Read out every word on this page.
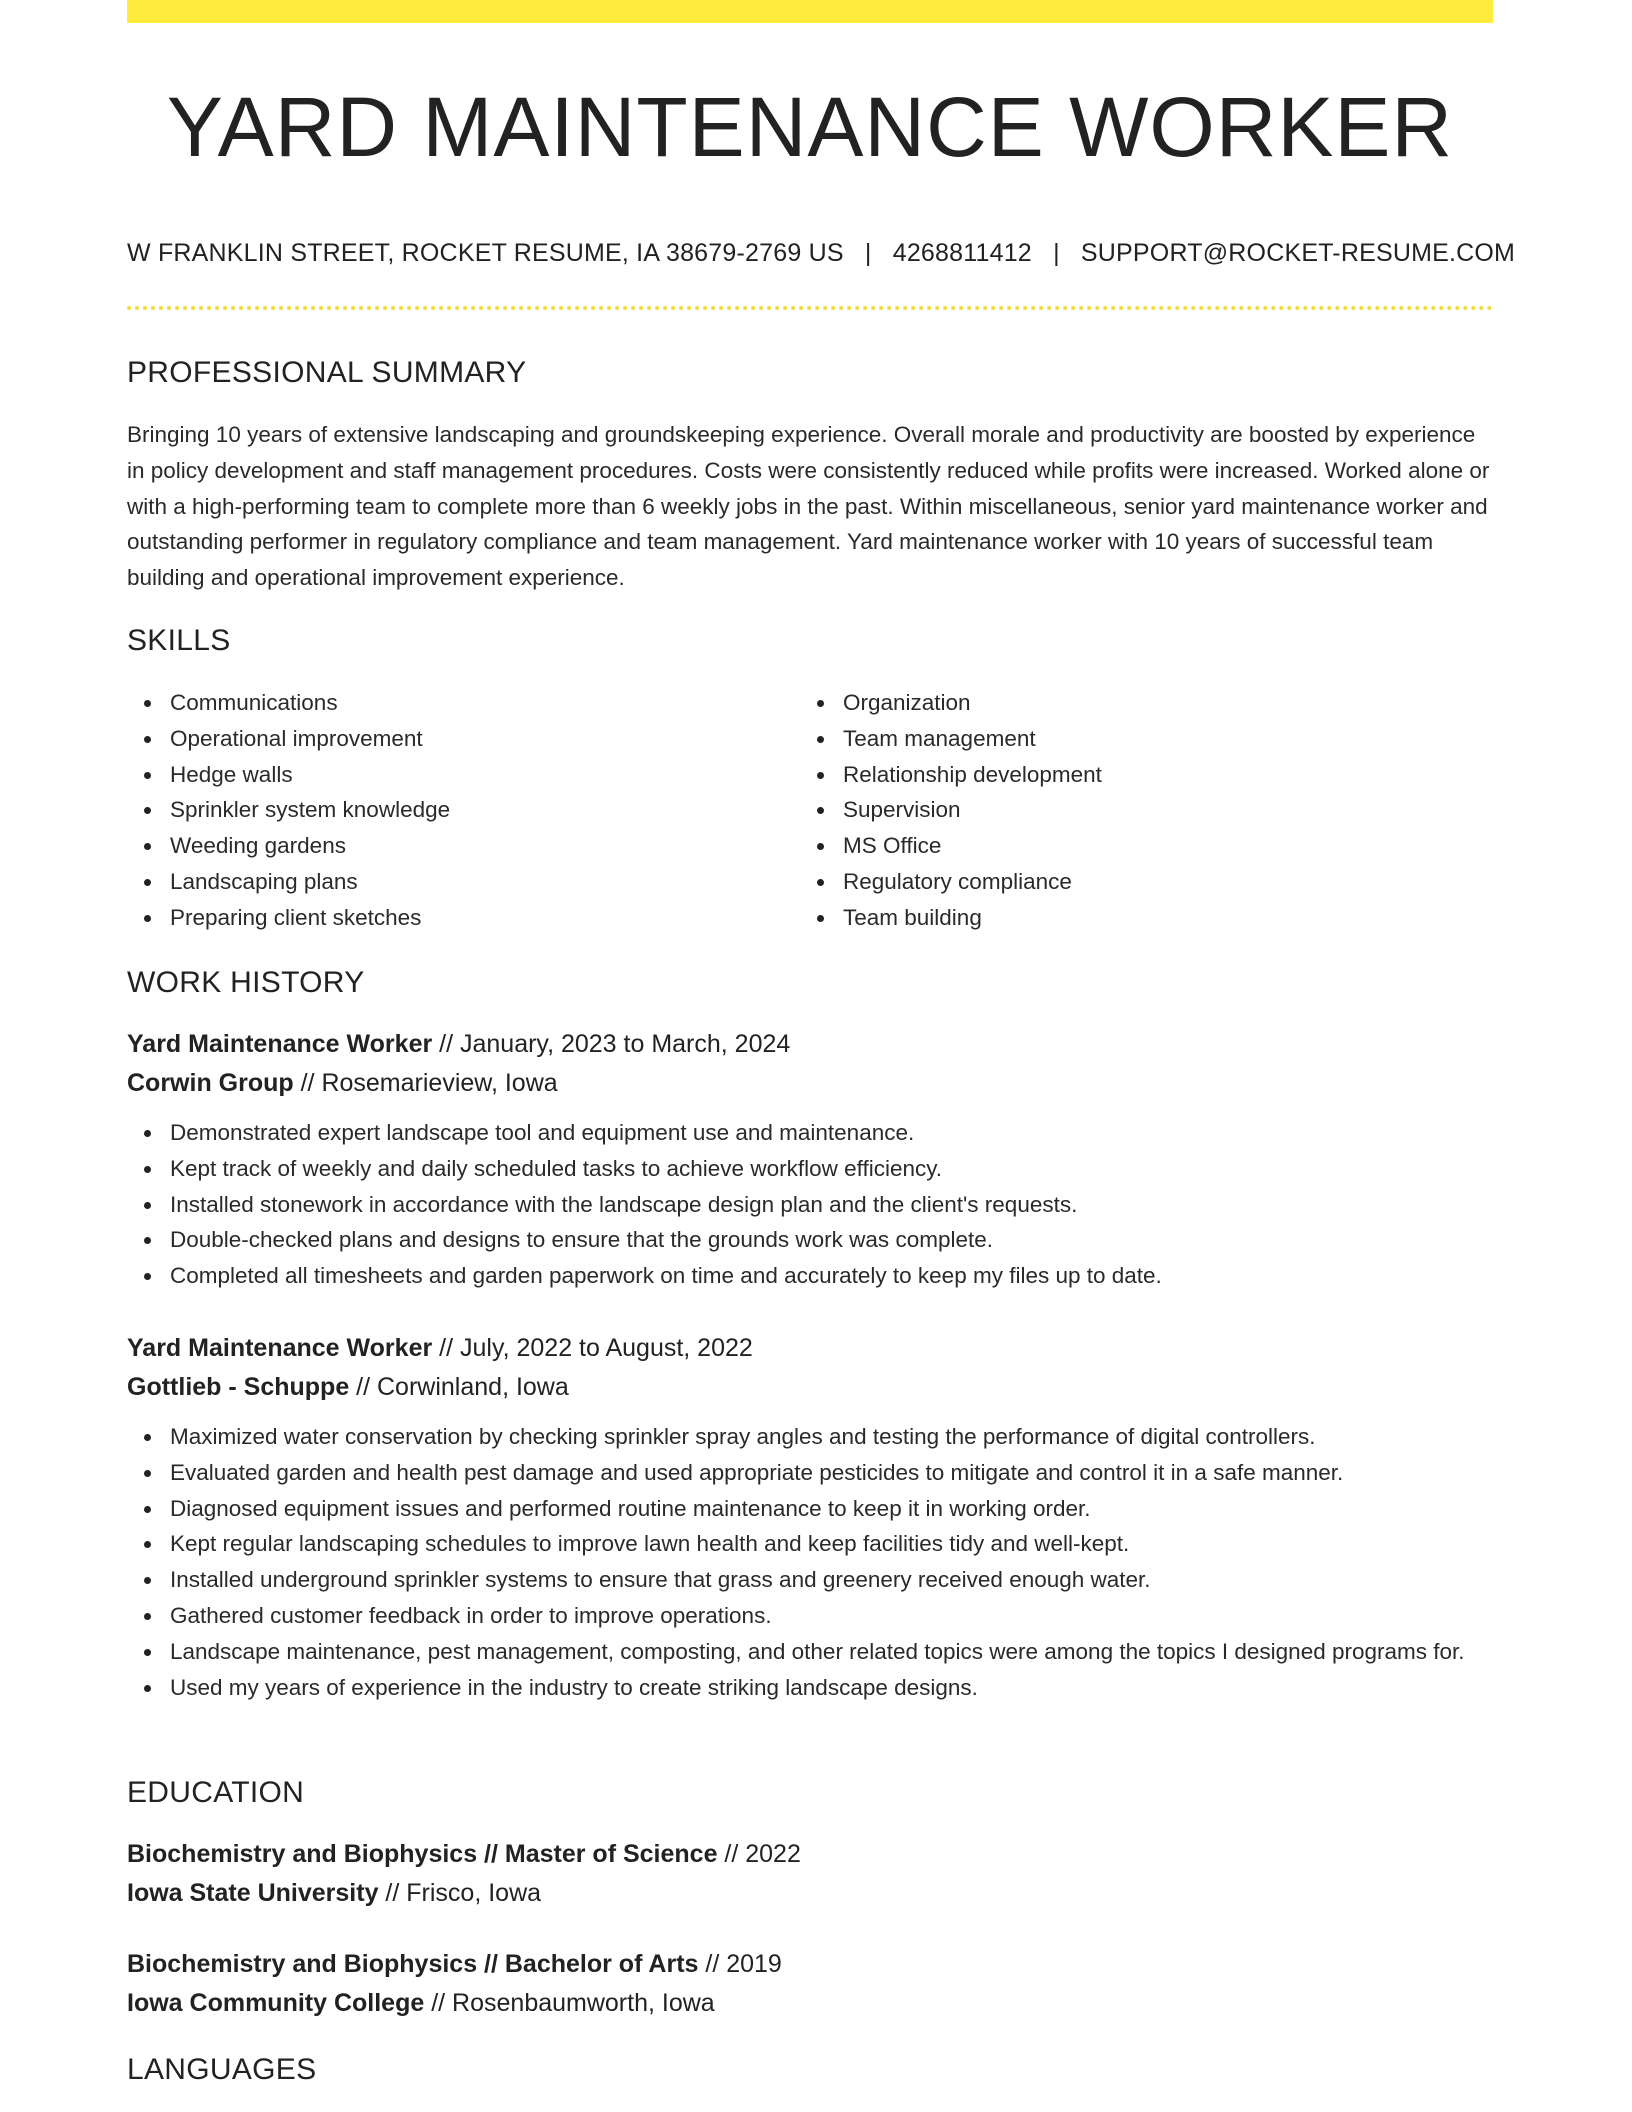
YARD MAINTENANCE WORKER
W FRANKLIN STREET, ROCKET RESUME, IA 38679-2769 US | 4268811412 | SUPPORT@ROCKET-RESUME.COM
PROFESSIONAL SUMMARY

Bringing 10 years of extensive landscaping and groundskeeping experience. Overall morale and productivity are boosted by experience in policy development and staff management procedures. Costs were consistently reduced while profits were increased. Worked alone or with a high-performing team to complete more than 6 weekly jobs in the past. Within miscellaneous, senior yard maintenance worker and outstanding performer in regulatory compliance and team management. Yard maintenance worker with 10 years of successful team building and operational improvement experience.

SKILLS
Communications
Operational improvement
Hedge walls
Sprinkler system knowledge
Weeding gardens
Landscaping plans
Preparing client sketches
Organization
Team management
Relationship development
Supervision
MS Office
Regulatory compliance
Team building
WORK HISTORY
Yard Maintenance Worker // January, 2023 to March, 2024
Corwin Group // Rosemarieview, Iowa
Demonstrated expert landscape tool and equipment use and maintenance.
Kept track of weekly and daily scheduled tasks to achieve workflow efficiency.
Installed stonework in accordance with the landscape design plan and the client's requests.
Double-checked plans and designs to ensure that the grounds work was complete.
Completed all timesheets and garden paperwork on time and accurately to keep my files up to date.
Yard Maintenance Worker // July, 2022 to August, 2022
Gottlieb - Schuppe // Corwinland, Iowa
Maximized water conservation by checking sprinkler spray angles and testing the performance of digital controllers.
Evaluated garden and health pest damage and used appropriate pesticides to mitigate and control it in a safe manner.
Diagnosed equipment issues and performed routine maintenance to keep it in working order.
Kept regular landscaping schedules to improve lawn health and keep facilities tidy and well-kept.
Installed underground sprinkler systems to ensure that grass and greenery received enough water.
Gathered customer feedback in order to improve operations.
Landscape maintenance, pest management, composting, and other related topics were among the topics I designed programs for.
Used my years of experience in the industry to create striking landscape designs.
EDUCATION
Biochemistry and Biophysics // Master of Science // 2022
Iowa State University // Frisco, Iowa
Biochemistry and Biophysics // Bachelor of Arts // 2019
Iowa Community College // Rosenbaumworth, Iowa
LANGUAGES
